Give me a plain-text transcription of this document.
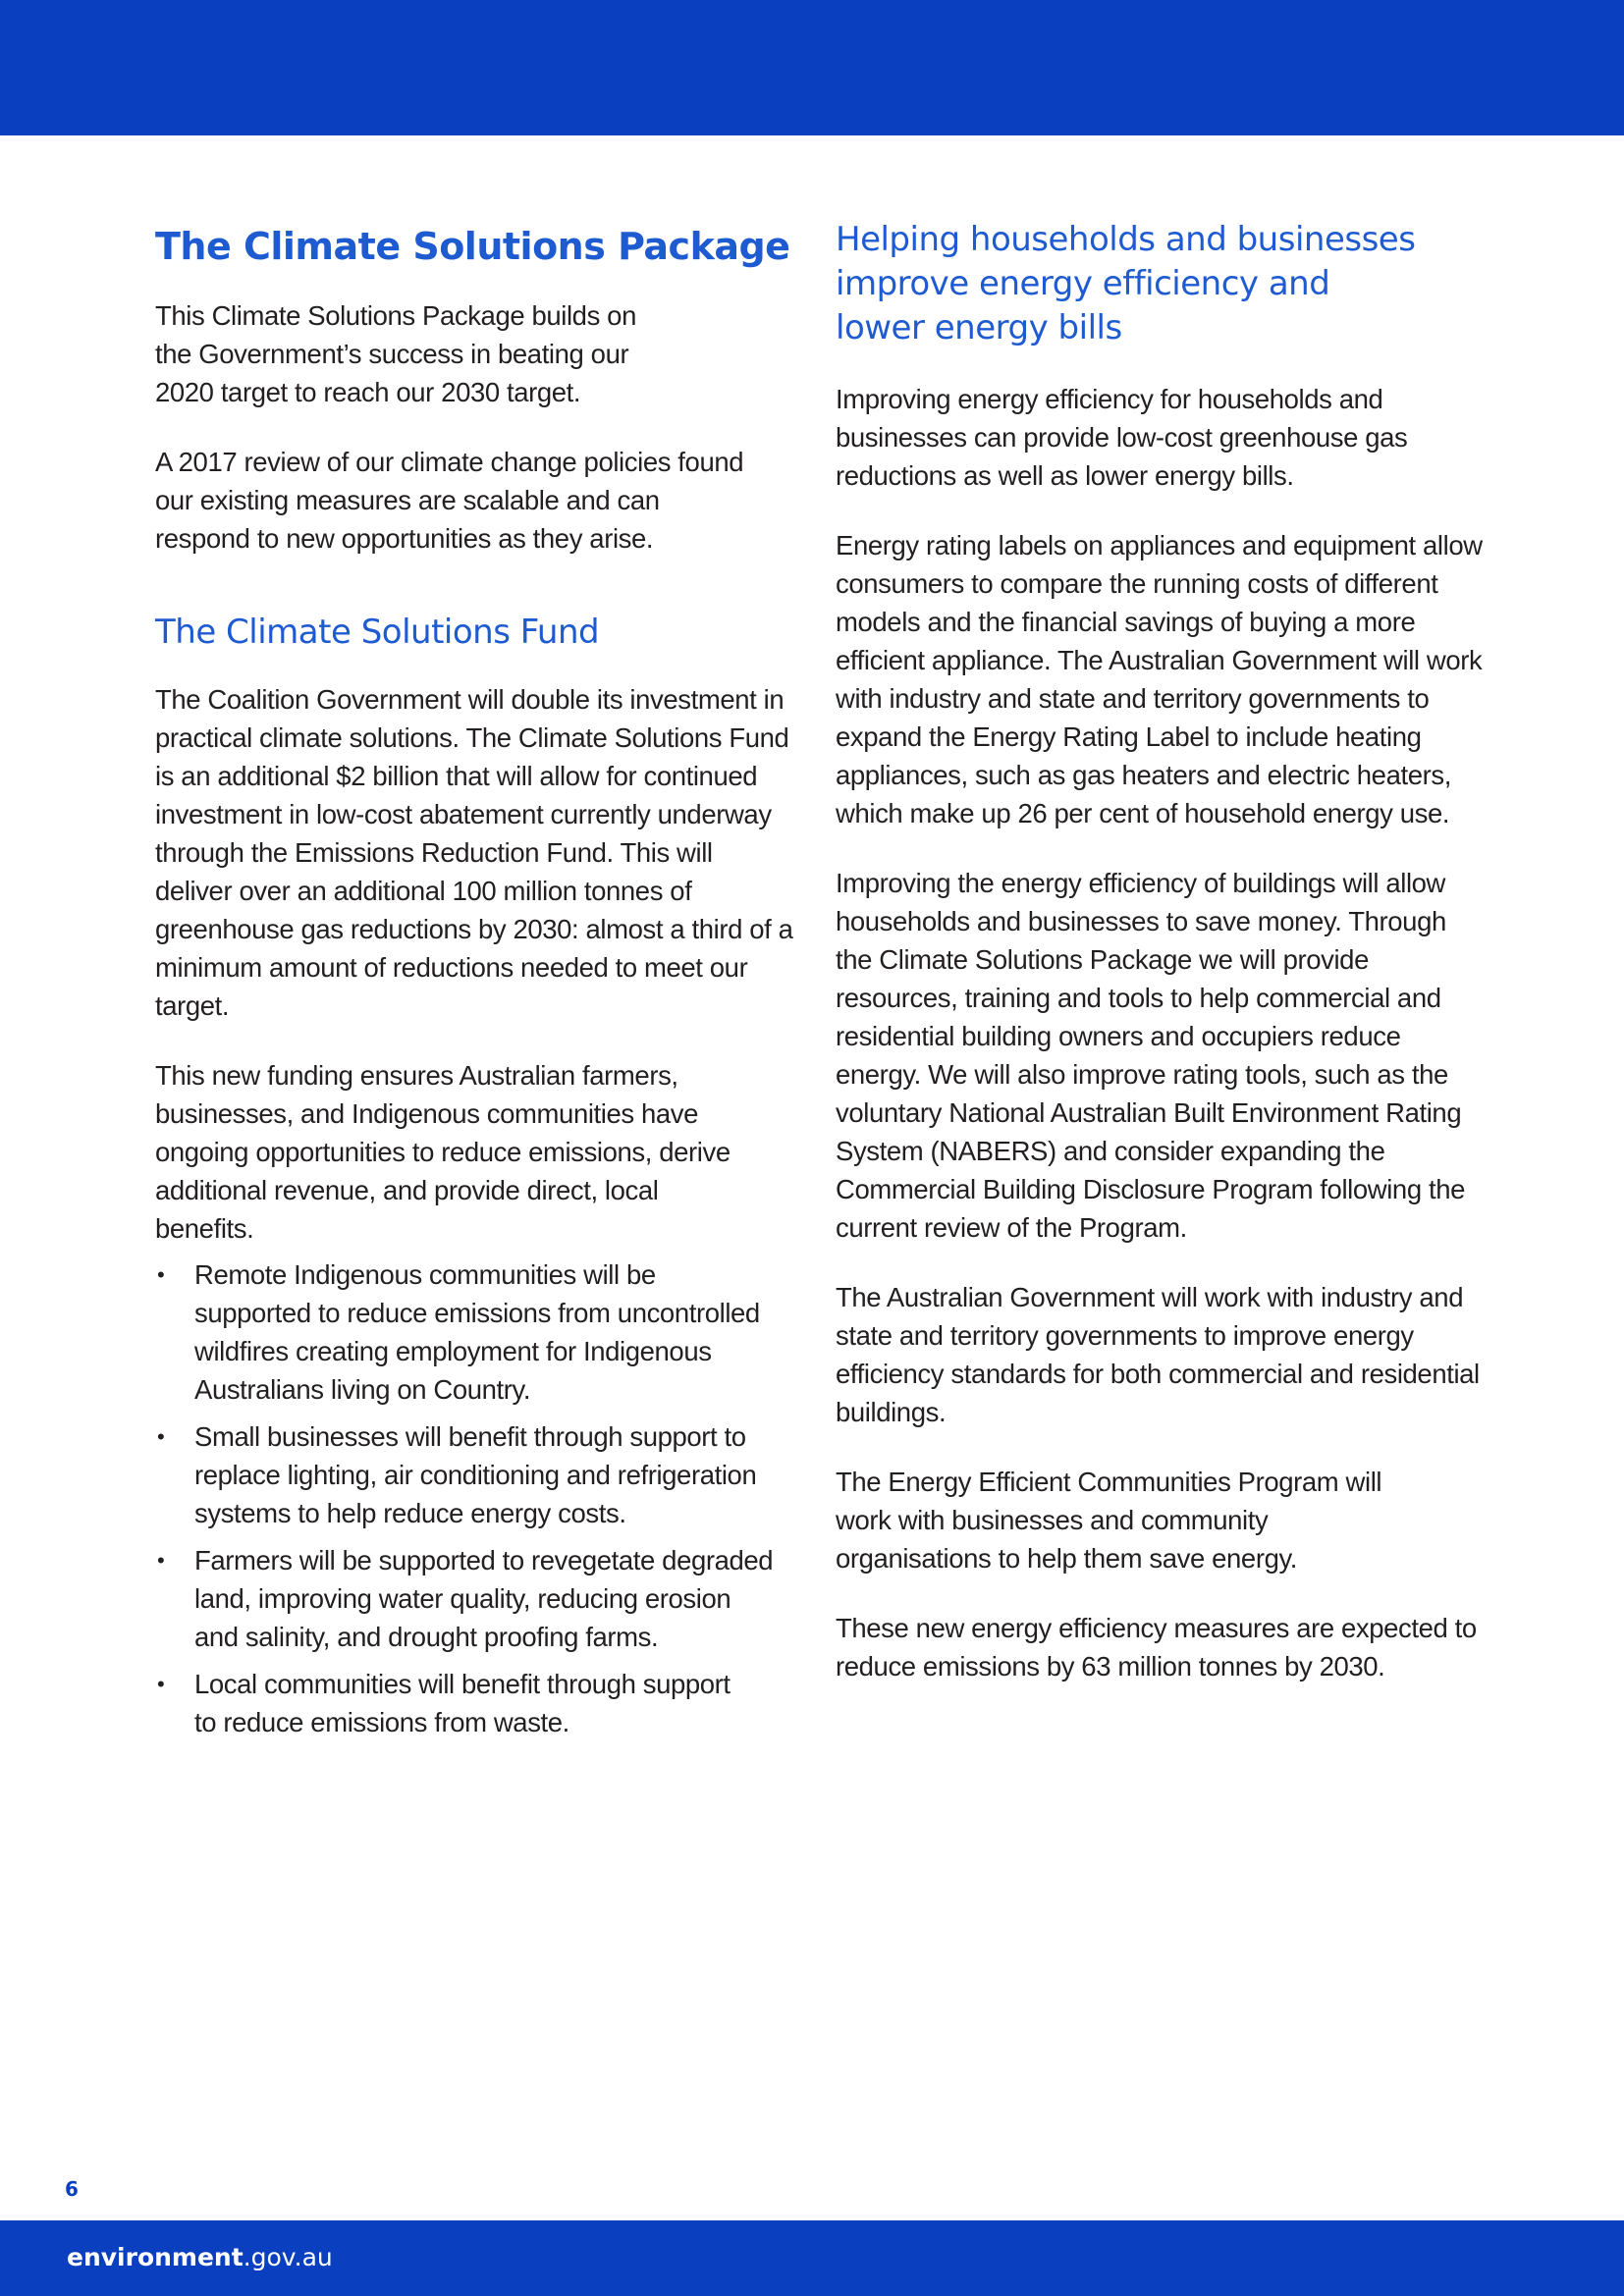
The Climate Solutions Package

This Climate Solutions Package builds on the Government’s success in beating our 2020 target to reach our 2030 target.

A 2017 review of our climate change policies found our existing measures are scalable and can respond to new opportunities as they arise.

The Climate Solutions Fund

The Coalition Government will double its investment in practical climate solutions. The Climate Solutions Fund is an additional $2 billion that will allow for continued investment in low-cost abatement currently underway through the Emissions Reduction Fund. This will deliver over an additional 100 million tonnes of greenhouse gas reductions by 2030: almost a third of a minimum amount of reductions needed to meet our target.

This new funding ensures Australian farmers, businesses, and Indigenous communities have ongoing opportunities to reduce emissions, derive additional revenue, and provide direct, local benefits.

• Remote Indigenous communities will be supported to reduce emissions from uncontrolled wildfires creating employment for Indigenous Australians living on Country.
• Small businesses will benefit through support to replace lighting, air conditioning and refrigeration systems to help reduce energy costs.
• Farmers will be supported to revegetate degraded land, improving water quality, reducing erosion and salinity, and drought proofing farms.
• Local communities will benefit through support to reduce emissions from waste.
Helping households and businesses improve energy efficiency and lower energy bills

Improving energy efficiency for households and businesses can provide low-cost greenhouse gas reductions as well as lower energy bills.

Energy rating labels on appliances and equipment allow consumers to compare the running costs of different models and the financial savings of buying a more efficient appliance. The Australian Government will work with industry and state and territory governments to expand the Energy Rating Label to include heating appliances, such as gas heaters and electric heaters, which make up 26 per cent of household energy use.

Improving the energy efficiency of buildings will allow households and businesses to save money. Through the Climate Solutions Package we will provide resources, training and tools to help commercial and residential building owners and occupiers reduce energy. We will also improve rating tools, such as the voluntary National Australian Built Environment Rating System (NABERS) and consider expanding the Commercial Building Disclosure Program following the current review of the Program.

The Australian Government will work with industry and state and territory governments to improve energy efficiency standards for both commercial and residential buildings.

The Energy Efficient Communities Program will work with businesses and community organisations to help them save energy.

These new energy efficiency measures are expected to reduce emissions by 63 million tonnes by 2030.

6
environment.gov.au
